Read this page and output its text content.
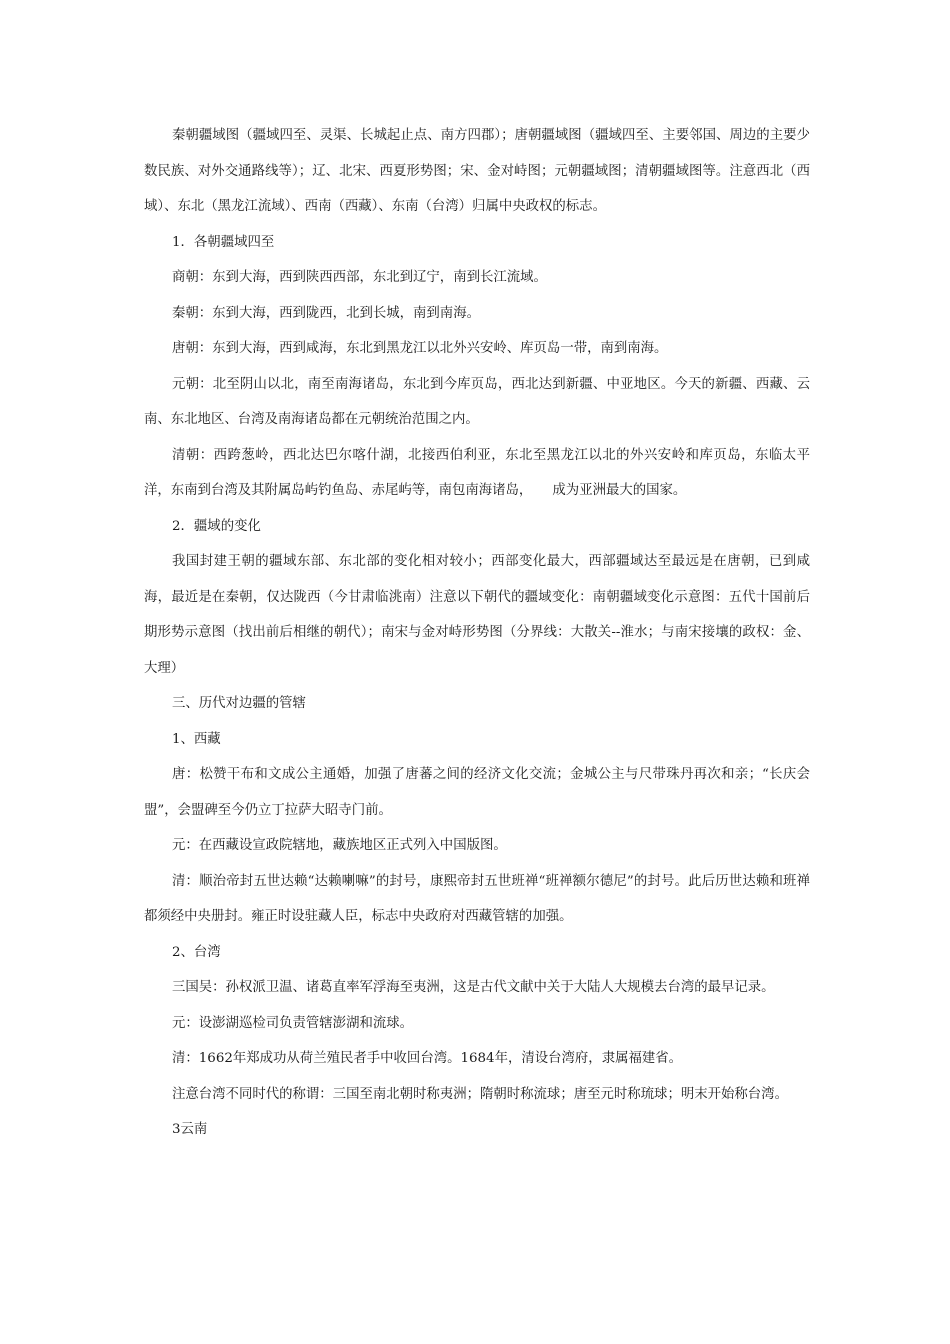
秦朝疆域图（疆域四至、灵渠、长城起止点、南方四郡）；唐朝疆域图（疆域四至、主要邻国、周边的主要少数民族、对外交通路线等）；辽、北宋、西夏形势图；宋、金对峙图；元朝疆域图；清朝疆域图等。注意西北（西域）、东北（黑龙江流域）、西南（西藏）、东南（台湾）归属中央政权的标志。

1．各朝疆域四至

商朝：东到大海，西到陕西西部，东北到辽宁，南到长江流域。

秦朝：东到大海，西到陇西，北到长城，南到南海。

唐朝：东到大海，西到咸海，东北到黑龙江以北外兴安岭、库页岛一带，南到南海。

元朝：北至阴山以北，南至南海诸岛，东北到今库页岛，西北达到新疆、中亚地区。今天的新疆、西藏、云南、东北地区、台湾及南海诸岛都在元朝统治范围之内。

清朝：西跨葱岭，西北达巴尔喀什湖，北接西伯利亚，东北至黑龙江以北的外兴安岭和库页岛，东临太平洋，东南到台湾及其附属岛屿钓鱼岛、赤尾屿等，南包南海诸岛，　　成为亚洲最大的国家。

2．疆域的变化

我国封建王朝的疆域东部、东北部的变化相对较小；西部变化最大，西部疆域达至最远是在唐朝，已到咸海，最近是在秦朝，仅达陇西（今甘肃临洮南）注意以下朝代的疆域变化：南朝疆域变化示意图：五代十国前后期形势示意图（找出前后相继的朝代）；南宋与金对峙形势图（分界线：大散关--淮水；与南宋接壤的政权：金、大理）

三、历代对边疆的管辖

1、西藏

唐：松赞干布和文成公主通婚，加强了唐蕃之间的经济文化交流；金城公主与尺带珠丹再次和亲；“长庆会盟”，会盟碑至今仍立丁拉萨大昭寺门前。

元：在西藏设宣政院辖地，藏族地区正式列入中国版图。

清：顺治帝封五世达赖“达赖喇嘛”的封号，康熙帝封五世班禅“班禅额尔德尼”的封号。此后历世达赖和班禅都须经中央册封。雍正时设驻藏人臣，标志中央政府对西藏管辖的加强。

2、台湾

三国吴：孙权派卫温、诸葛直率军浮海至夷洲，这是古代文献中关于大陆人大规模去台湾的最早记录。

元：设澎湖巡检司负责管辖澎湖和流球。

清：1662年郑成功从荷兰殖民者手中收回台湾。1684年，清设台湾府，隶属福建省。

注意台湾不同时代的称谓：三国至南北朝时称夷洲；隋朝时称流球；唐至元时称琉球；明末开始称台湾。

3云南
